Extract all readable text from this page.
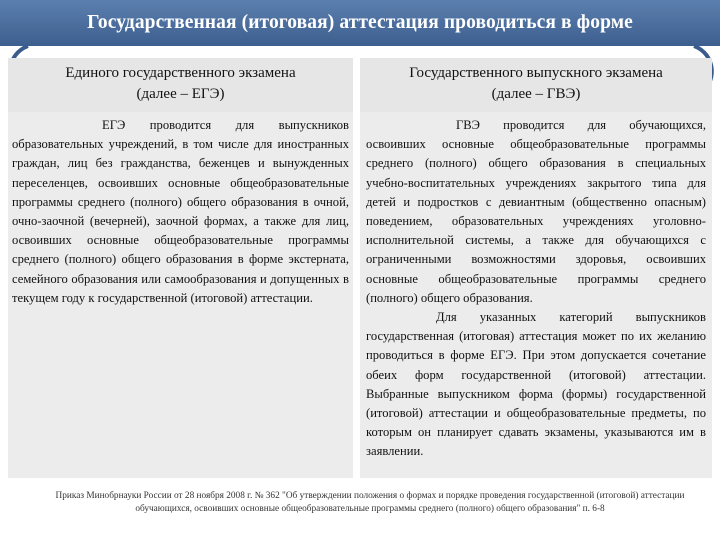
Государственная (итоговая) аттестация проводиться в форме
Единого государственного экзамена
(далее – ЕГЭ)
Государственного выпускного экзамена
(далее – ГВЭ)

ЕГЭ проводится для выпускников образовательных учреждений, в том числе для иностранных граждан, лиц без гражданства, беженцев и вынужденных переселенцев, освоивших основные общеобразовательные программы среднего (полного) общего образования в очной, очно-заочной (вечерней), заочной формах, а также для лиц, освоивших основные общеобразовательные программы среднего (полного) общего образования в форме экстерната, семейного образования или самообразования и допущенных в текущем году к государственной (итоговой) аттестации.

ГВЭ проводится для обучающихся, освоивших основные общеобразовательные программы среднего (полного) общего образования в специальных учебно-воспитательных учреждениях закрытого типа для детей и подростков с девиантным (общественно опасным) поведением, образовательных учреждениях уголовно-исполнительной системы, а также для обучающихся с ограниченными возможностями здоровья, освоивших основные общеобразовательные программы среднего (полного) общего образования.

Для указанных категорий выпускников государственная (итоговая) аттестация может по их желанию проводиться в форме ЕГЭ. При этом допускается сочетание обеих форм государственной (итоговой) аттестации. Выбранные выпускником форма (формы) государственной (итоговой) аттестации и общеобразовательные предметы, по которым он планирует сдавать экзамены, указываются им в заявлении.

Приказ Минобрнауки России от 28 ноября 2008 г. № 362 "Об утверждении положения о формах и порядке проведения государственной (итоговой) аттестации обучающихся, освоивших основные общеобразовательные программы среднего (полного) общего образования" п. 6-8
